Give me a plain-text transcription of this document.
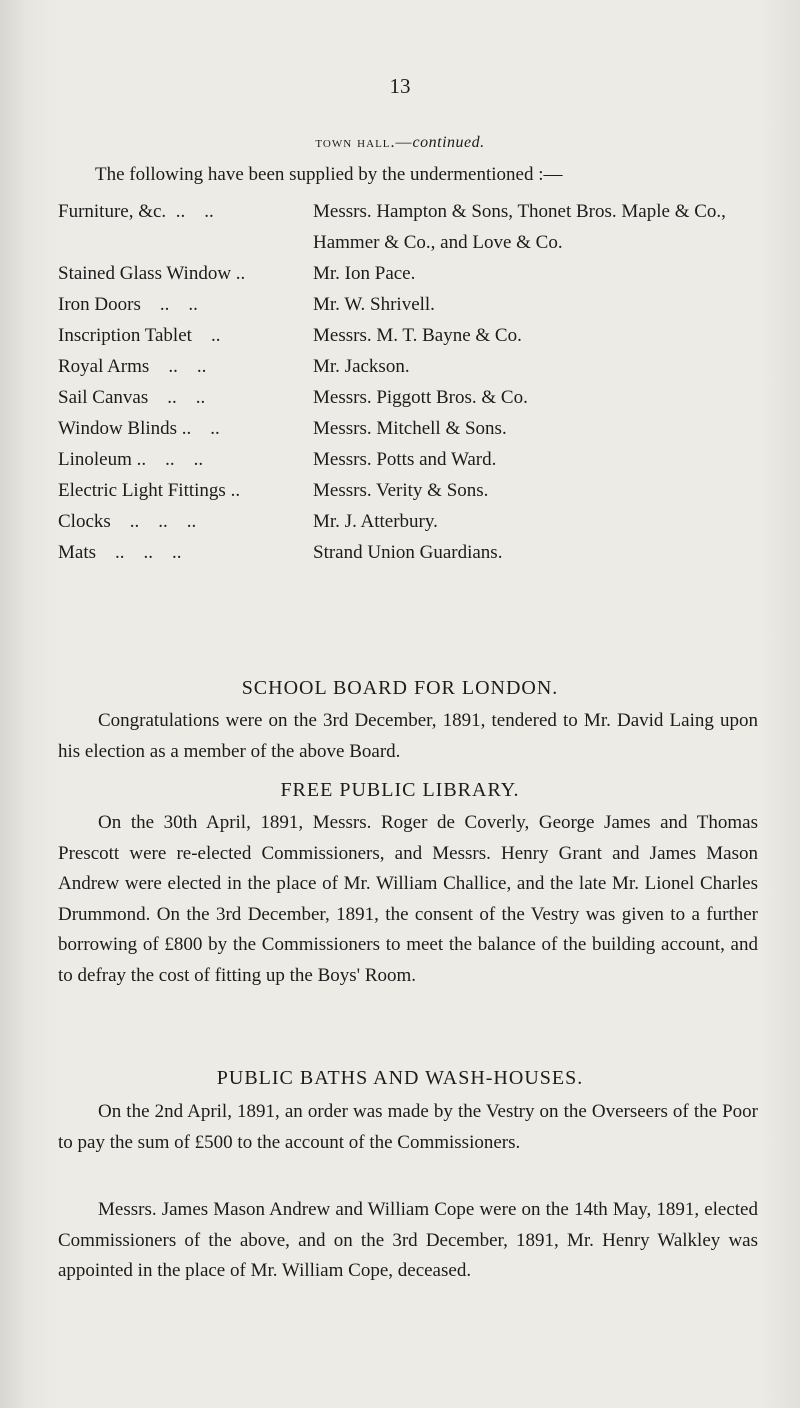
13
town hall.—continued.
The following have been supplied by the undermentioned :—
Furniture, &c.  ..    ..	Messrs. Hampton & Sons, Thonet Bros. Maple & Co., Hammer & Co., and Love & Co.
Stained Glass Window ..	Mr. Ion Pace.
Iron Doors    ..    ..	Mr. W. Shrivell.
Inscription Tablet    ..	Messrs. M. T. Bayne & Co.
Royal Arms    ..    ..	Mr. Jackson.
Sail Canvas    ..    ..	Messrs. Piggott Bros. & Co.
Window Blinds ..    ..	Messrs. Mitchell & Sons.
Linoleum ..    ..    ..	Messrs. Potts and Ward.
Electric Light Fittings ..	Messrs. Verity & Sons.
Clocks    ..    ..    ..	Mr. J. Atterbury.
Mats    ..    ..    ..	Strand Union Guardians.
SCHOOL BOARD FOR LONDON.

Congratulations were on the 3rd December, 1891, tendered to Mr. David Laing upon his election as a member of the above Board.

FREE PUBLIC LIBRARY.

On the 30th April, 1891, Messrs. Roger de Coverly, George James and Thomas Prescott were re-elected Commissioners, and Messrs. Henry Grant and James Mason Andrew were elected in the place of Mr. William Challice, and the late Mr. Lionel Charles Drummond. On the 3rd December, 1891, the consent of the Vestry was given to a further borrowing of £800 by the Commissioners to meet the balance of the building account, and to defray the cost of fitting up the Boys' Room.

PUBLIC BATHS AND WASH-HOUSES.

On the 2nd April, 1891, an order was made by the Vestry on the Overseers of the Poor to pay the sum of £500 to the account of the Commissioners.

Messrs. James Mason Andrew and William Cope were on the 14th May, 1891, elected Commissioners of the above, and on the 3rd December, 1891, Mr. Henry Walkley was appointed in the place of Mr. William Cope, deceased.
